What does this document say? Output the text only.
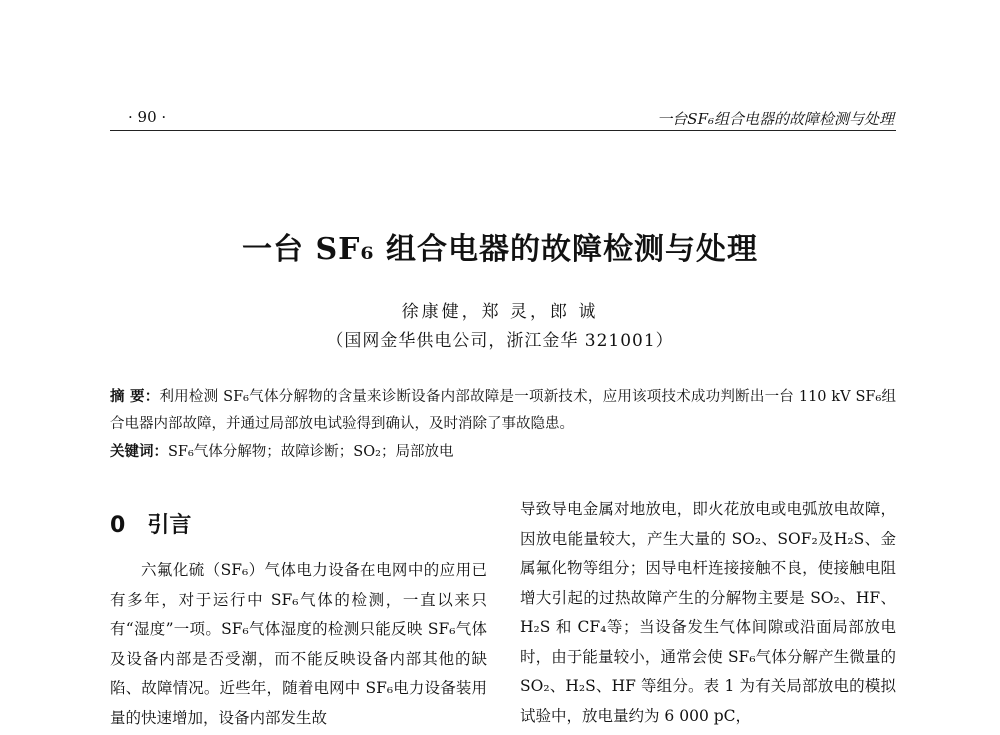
· 90 ·	一台SF₆组合电器的故障检测与处理
一台 SF₆ 组合电器的故障检测与处理
徐康健，郑 灵，郎 诚
（国网金华供电公司，浙江金华 321001）
摘 要：利用检测 SF₆气体分解物的含量来诊断设备内部故障是一项新技术，应用该项技术成功判断出一台 110 kV SF₆组合电器内部故障，并通过局部放电试验得到确认，及时消除了事故隐患。
关键词：SF₆气体分解物；故障诊断；SO₂；局部放电
0 引言

六氟化硫（SF₆）气体电力设备在电网中的应用已有多年，对于运行中 SF₆气体的检测，一直以来只有“湿度”一项。SF₆气体湿度的检测只能反映 SF₆气体及设备内部是否受潮，而不能反映设备内部其他的缺陷、故障情况。近些年，随着电网中 SF₆电力设备装用量的快速增加，设备内部发生故

导致导电金属对地放电，即火花放电或电弧放电故障，因放电能量较大，产生大量的 SO₂、SOF₂及H₂S、金属氟化物等组分；因导电杆连接接触不良，使接触电阻增大引起的过热故障产生的分解物主要是 SO₂、HF、H₂S 和 CF₄等；当设备发生气体间隙或沿面局部放电时，由于能量较小，通常会使 SF₆气体分解产生微量的 SO₂、H₂S、HF 等组分。表 1 为有关局部放电的模拟试验中，放电量约为 6 000 pC，
